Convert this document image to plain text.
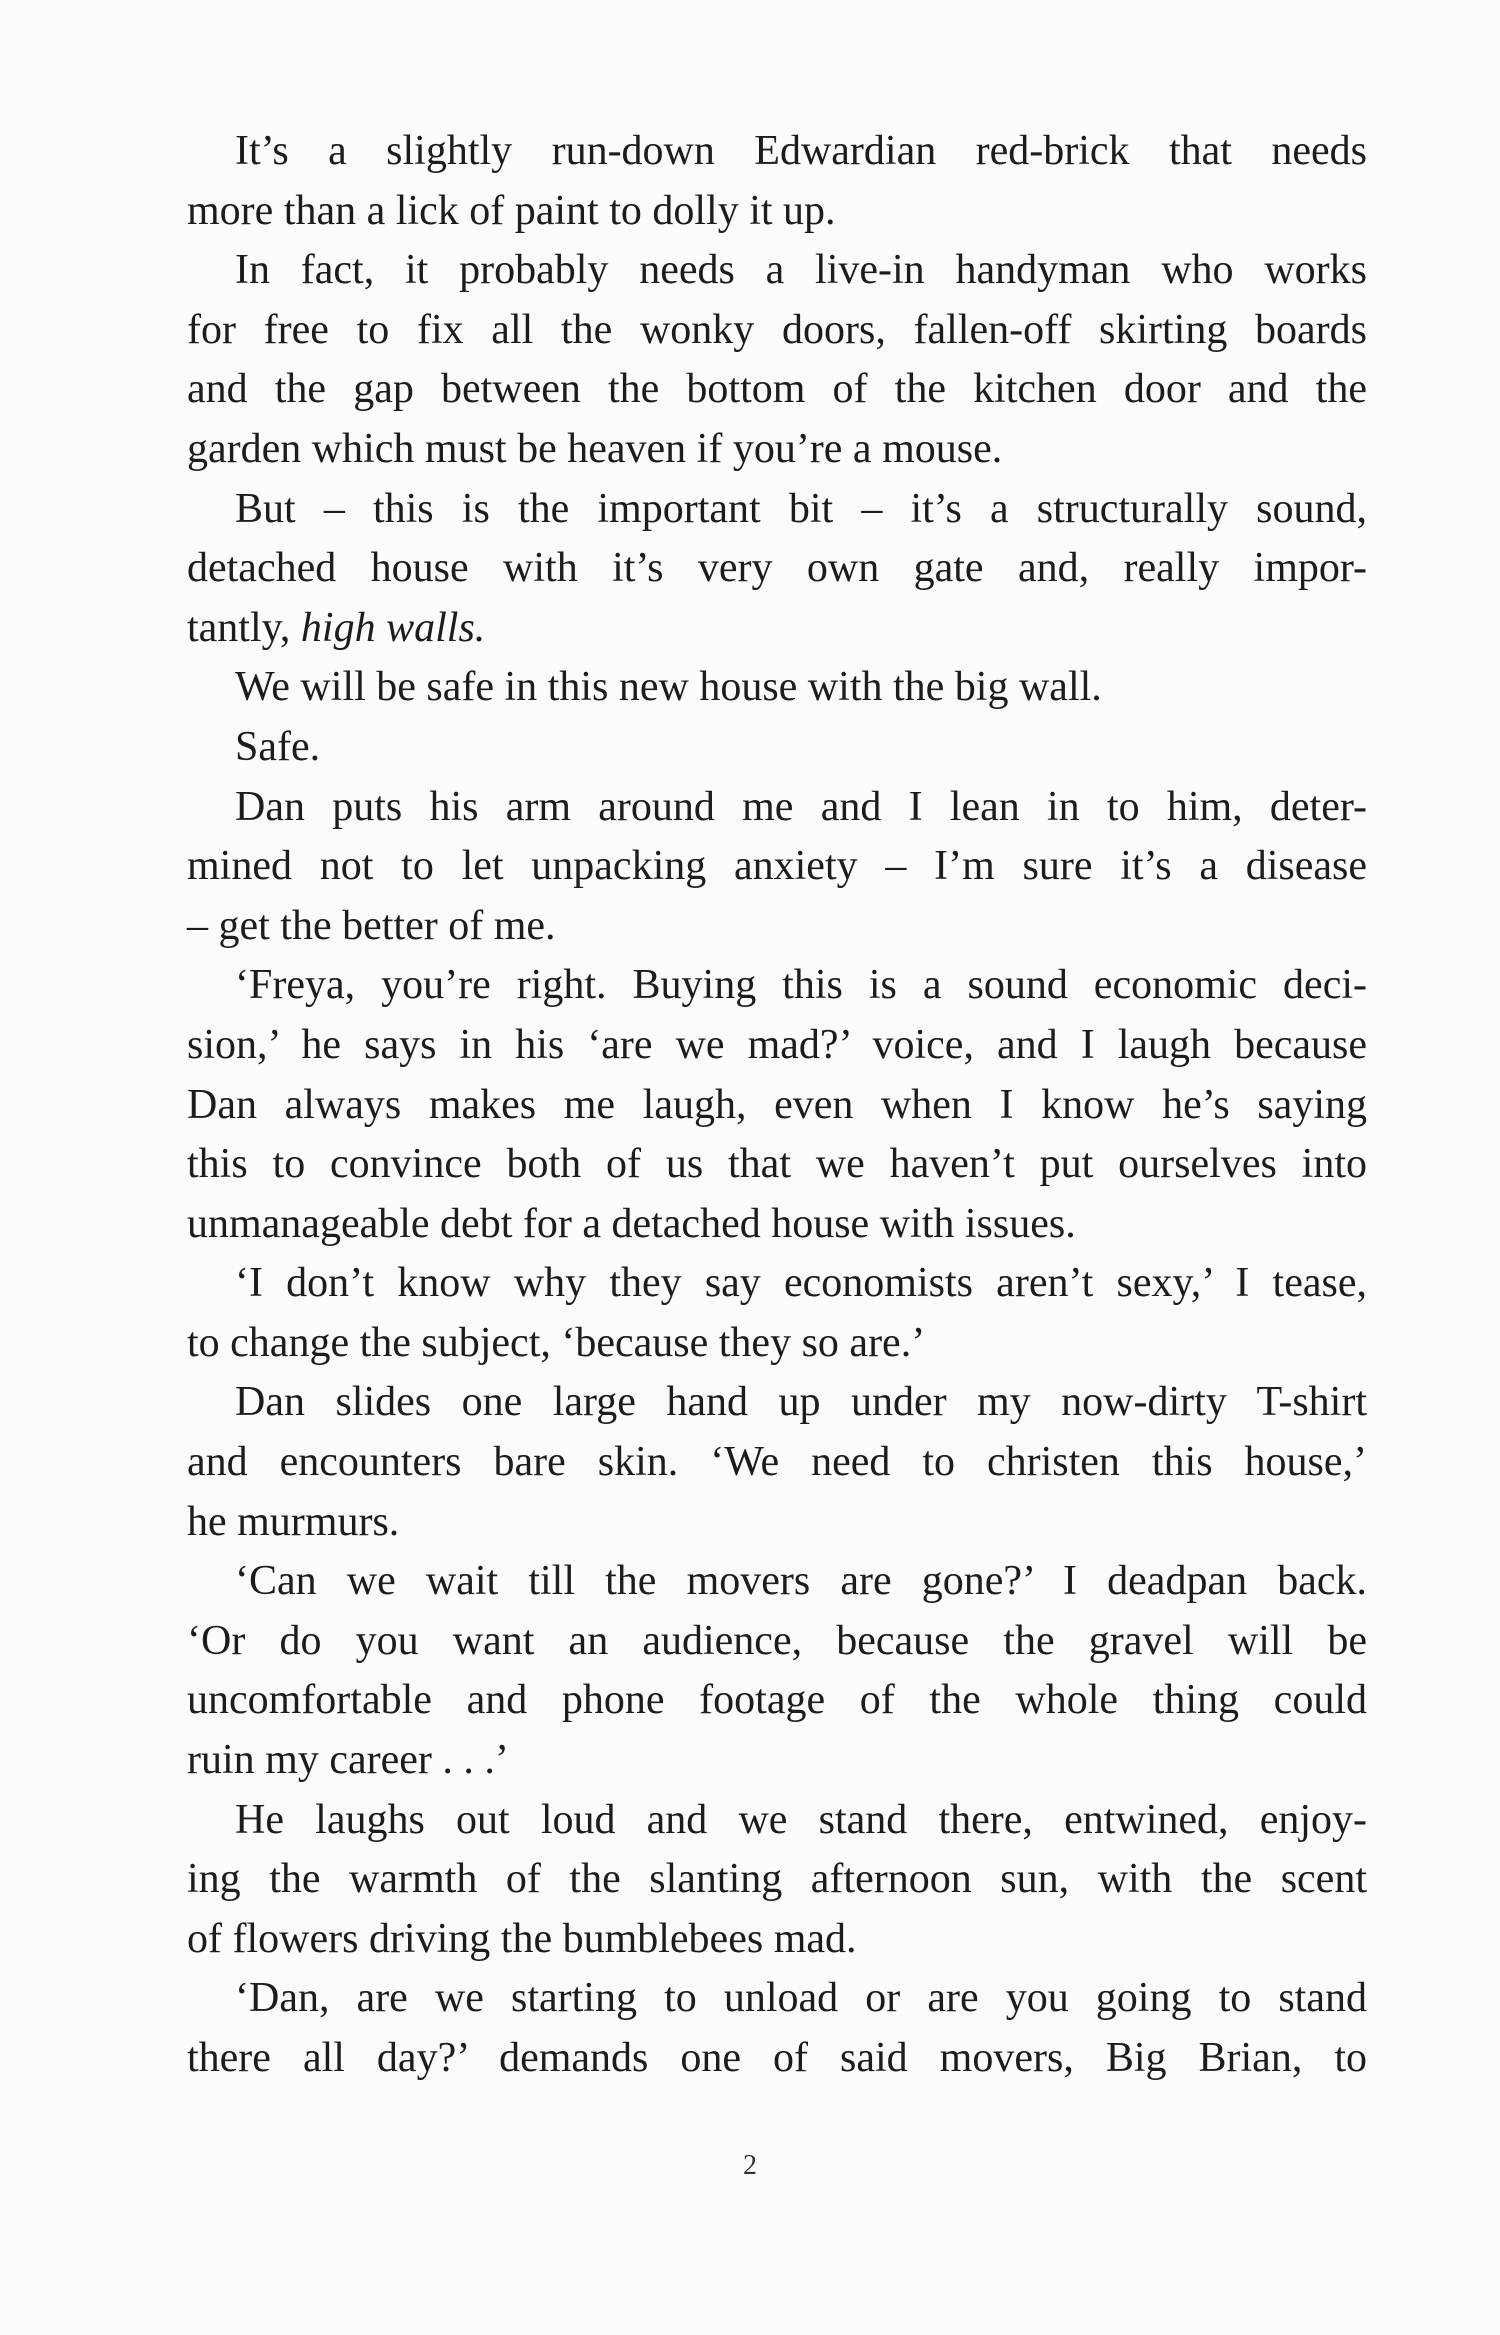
It’s a slightly run-down Edwardian red-brick that needs
more than a lick of paint to dolly it up.
In fact, it probably needs a live-in handyman who works
for free to fix all the wonky doors, fallen-off skirting boards
and the gap between the bottom of the kitchen door and the
garden which must be heaven if you’re a mouse.
But – this is the important bit – it’s a structurally sound,
detached house with it’s very own gate and, really impor-
tantly, high walls.
We will be safe in this new house with the big wall.
Safe.
Dan puts his arm around me and I lean in to him, deter-
mined not to let unpacking anxiety – I’m sure it’s a disease
– get the better of me.
‘Freya, you’re right. Buying this is a sound economic deci-
sion,’ he says in his ‘are we mad?’ voice, and I laugh because
Dan always makes me laugh, even when I know he’s saying
this to convince both of us that we haven’t put ourselves into
unmanageable debt for a detached house with issues.
‘I don’t know why they say economists aren’t sexy,’ I tease,
to change the subject, ‘because they so are.’
Dan slides one large hand up under my now-dirty T-shirt
and encounters bare skin. ‘We need to christen this house,’
he murmurs.
‘Can we wait till the movers are gone?’ I deadpan back.
‘Or do you want an audience, because the gravel will be
uncomfortable and phone footage of the whole thing could
ruin my career . . .’
He laughs out loud and we stand there, entwined, enjoy-
ing the warmth of the slanting afternoon sun, with the scent
of flowers driving the bumblebees mad.
‘Dan, are we starting to unload or are you going to stand
there all day?’ demands one of said movers, Big Brian, to
2
